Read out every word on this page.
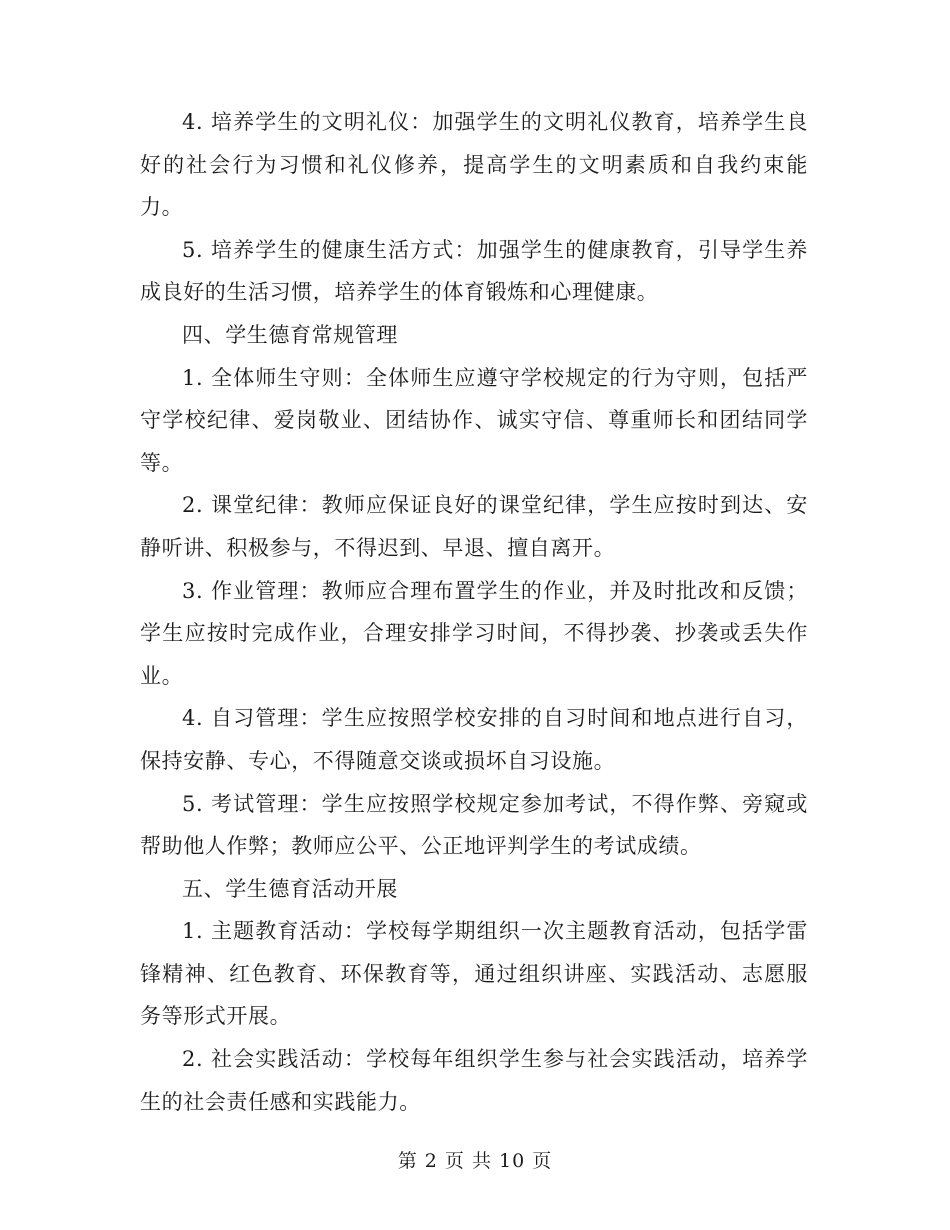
4. 培养学生的文明礼仪：加强学生的文明礼仪教育，培养学生良好的社会行为习惯和礼仪修养，提高学生的文明素质和自我约束能力。

5. 培养学生的健康生活方式：加强学生的健康教育，引导学生养成良好的生活习惯，培养学生的体育锻炼和心理健康。

四、学生德育常规管理

1. 全体师生守则：全体师生应遵守学校规定的行为守则，包括严守学校纪律、爱岗敬业、团结协作、诚实守信、尊重师长和团结同学等。

2. 课堂纪律：教师应保证良好的课堂纪律，学生应按时到达、安静听讲、积极参与，不得迟到、早退、擅自离开。

3. 作业管理：教师应合理布置学生的作业，并及时批改和反馈；学生应按时完成作业，合理安排学习时间，不得抄袭、抄袭或丢失作业。

4. 自习管理：学生应按照学校安排的自习时间和地点进行自习，保持安静、专心，不得随意交谈或损坏自习设施。

5. 考试管理：学生应按照学校规定参加考试，不得作弊、旁窥或帮助他人作弊；教师应公平、公正地评判学生的考试成绩。

五、学生德育活动开展

1. 主题教育活动：学校每学期组织一次主题教育活动，包括学雷锋精神、红色教育、环保教育等，通过组织讲座、实践活动、志愿服务等形式开展。

2. 社会实践活动：学校每年组织学生参与社会实践活动，培养学生的社会责任感和实践能力。

第 2 页 共 10 页
